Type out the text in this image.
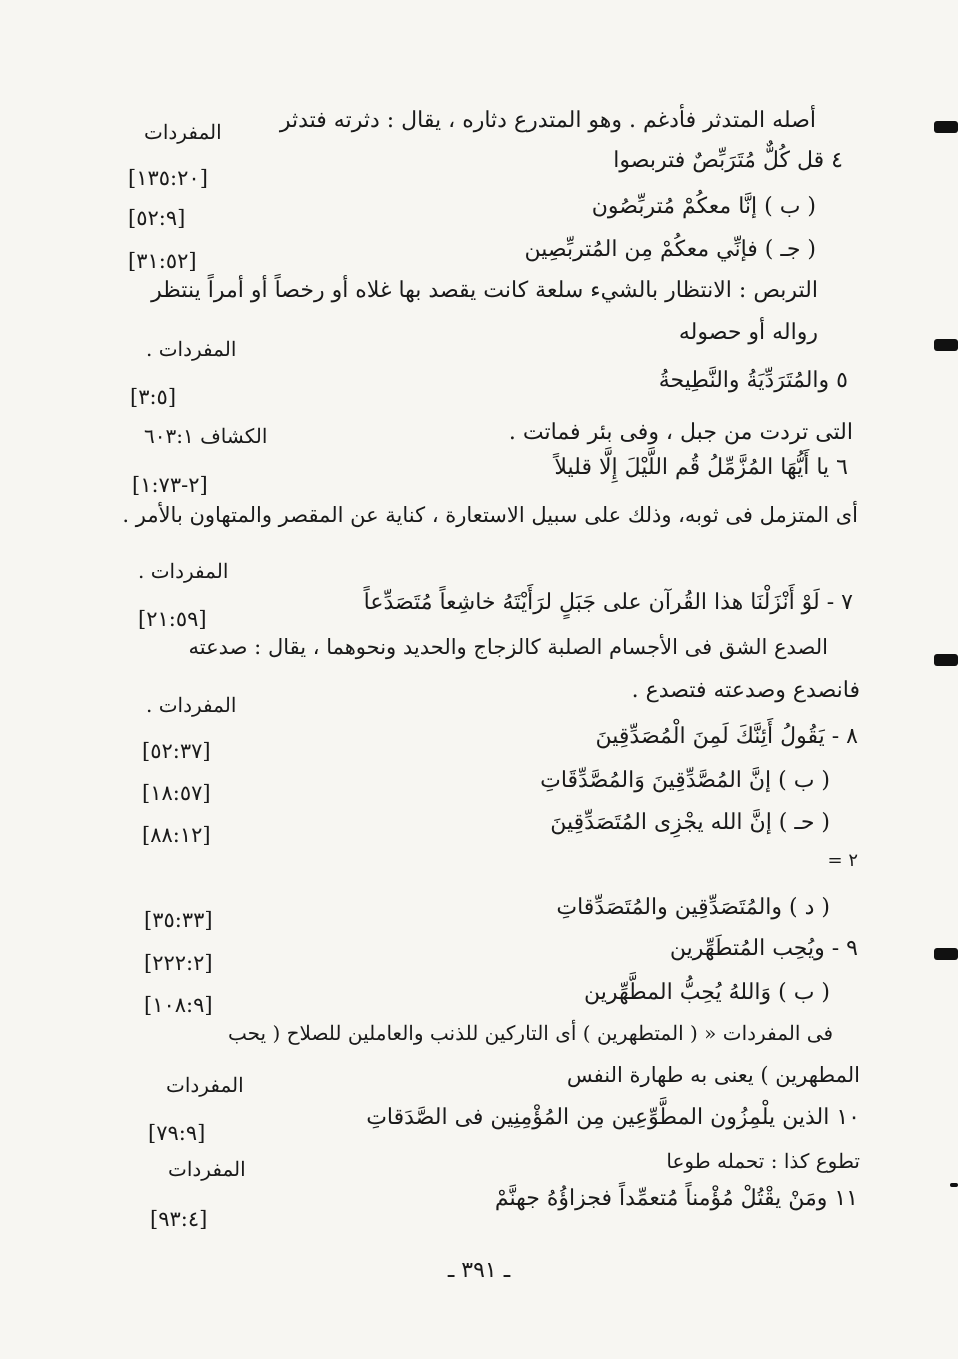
أصله المتدثر فأدغم . وهو المتدرع دثاره ، يقال : دثرته فتدثر
٤ قل كُلٌّ مُتَرَبِّصٌ فتربصوا
( ب ) إنَّا معكُمْ مُتربِّصُون
( جـ ) فإنِّي معكُمْ مِن المُتربِّصِين
التربص : الانتظار بالشيء سلعة كانت يقصد بها غلاه أو رخصاً أو أمراً ينتظر
رواله أو حصوله
٥ والمُتَرَدِّيَةُ والنَّطِيحةُ
التى تردت من جبل ، وفى بئر فماتت .
٦ يا أَيُّهَا المُزَّمِّلُ قُم اللَّيْلَ إِلَّا قليلاً
أى المتزمل فى ثوبه، وذلك على سبيل الاستعارة ، كناية عن المقصر والمتهاون بالأمر .
٧ - لَوْ أَنْزَلْنَا هذا القُرآن على جَبَلٍ لرَأَيْتَهُ خاشِعاً مُتَصَدِّعاً
الصدع الشق فى الأجسام الصلبة كالزجاج والحديد ونحوهما ، يقال : صدعته
فانصدع وصدعته فتصدع .
٨ - يَقُولُ أَئِنَّكَ لَمِنَ الْمُصَدِّقِينَ
( ب ) إنَّ المُصَّدِّقِينَ وَالمُصَّدِّقَاتِ
( حـ ) إنَّ الله يجْزِى المُتَصَدِّقِينَ
٢ =
( د ) والمُتَصَدِّقِين والمُتَصَدِّقاتِ
٩ - ويُحِب المُتطَهِّرين
( ب ) وَاللهُ يُحِبُّ المطَّهِّرين
فى المفردات « ( المتطهرين ) أى التاركين للذنب والعاملين للصلاح ( يحب
المطهرين ) يعنى به طهارة النفس
١٠ الذين يلْمِزُون المطَّوِّعِين مِن المُؤْمِنِين فى الصَّدَقاتِ
تطوع كذا : تحمله طوعا
١١ ومَنْ يقْتُلْ مُؤْمناً مُتعمِّداً فجزاؤُهُ جهنَّمْ
[١٣٥:٢٠]
[٥٢:٩]
[٣١:٥٢]
[٣:٥]
[٢-١:٧٣]
[٢١:٥٩]
[٥٢:٣٧]
[١٨:٥٧]
[٨٨:١٢]
[٣٥:٣٣]
[٢٢٢:٢]
[١٠٨:٩]
[٧٩:٩]
[٩٣:٤]
المفردات
المفردات .
الكشاف ٦٠٣:١
المفردات .
المفردات .
المفردات
المفردات
ـ ٣٩١ ـ
